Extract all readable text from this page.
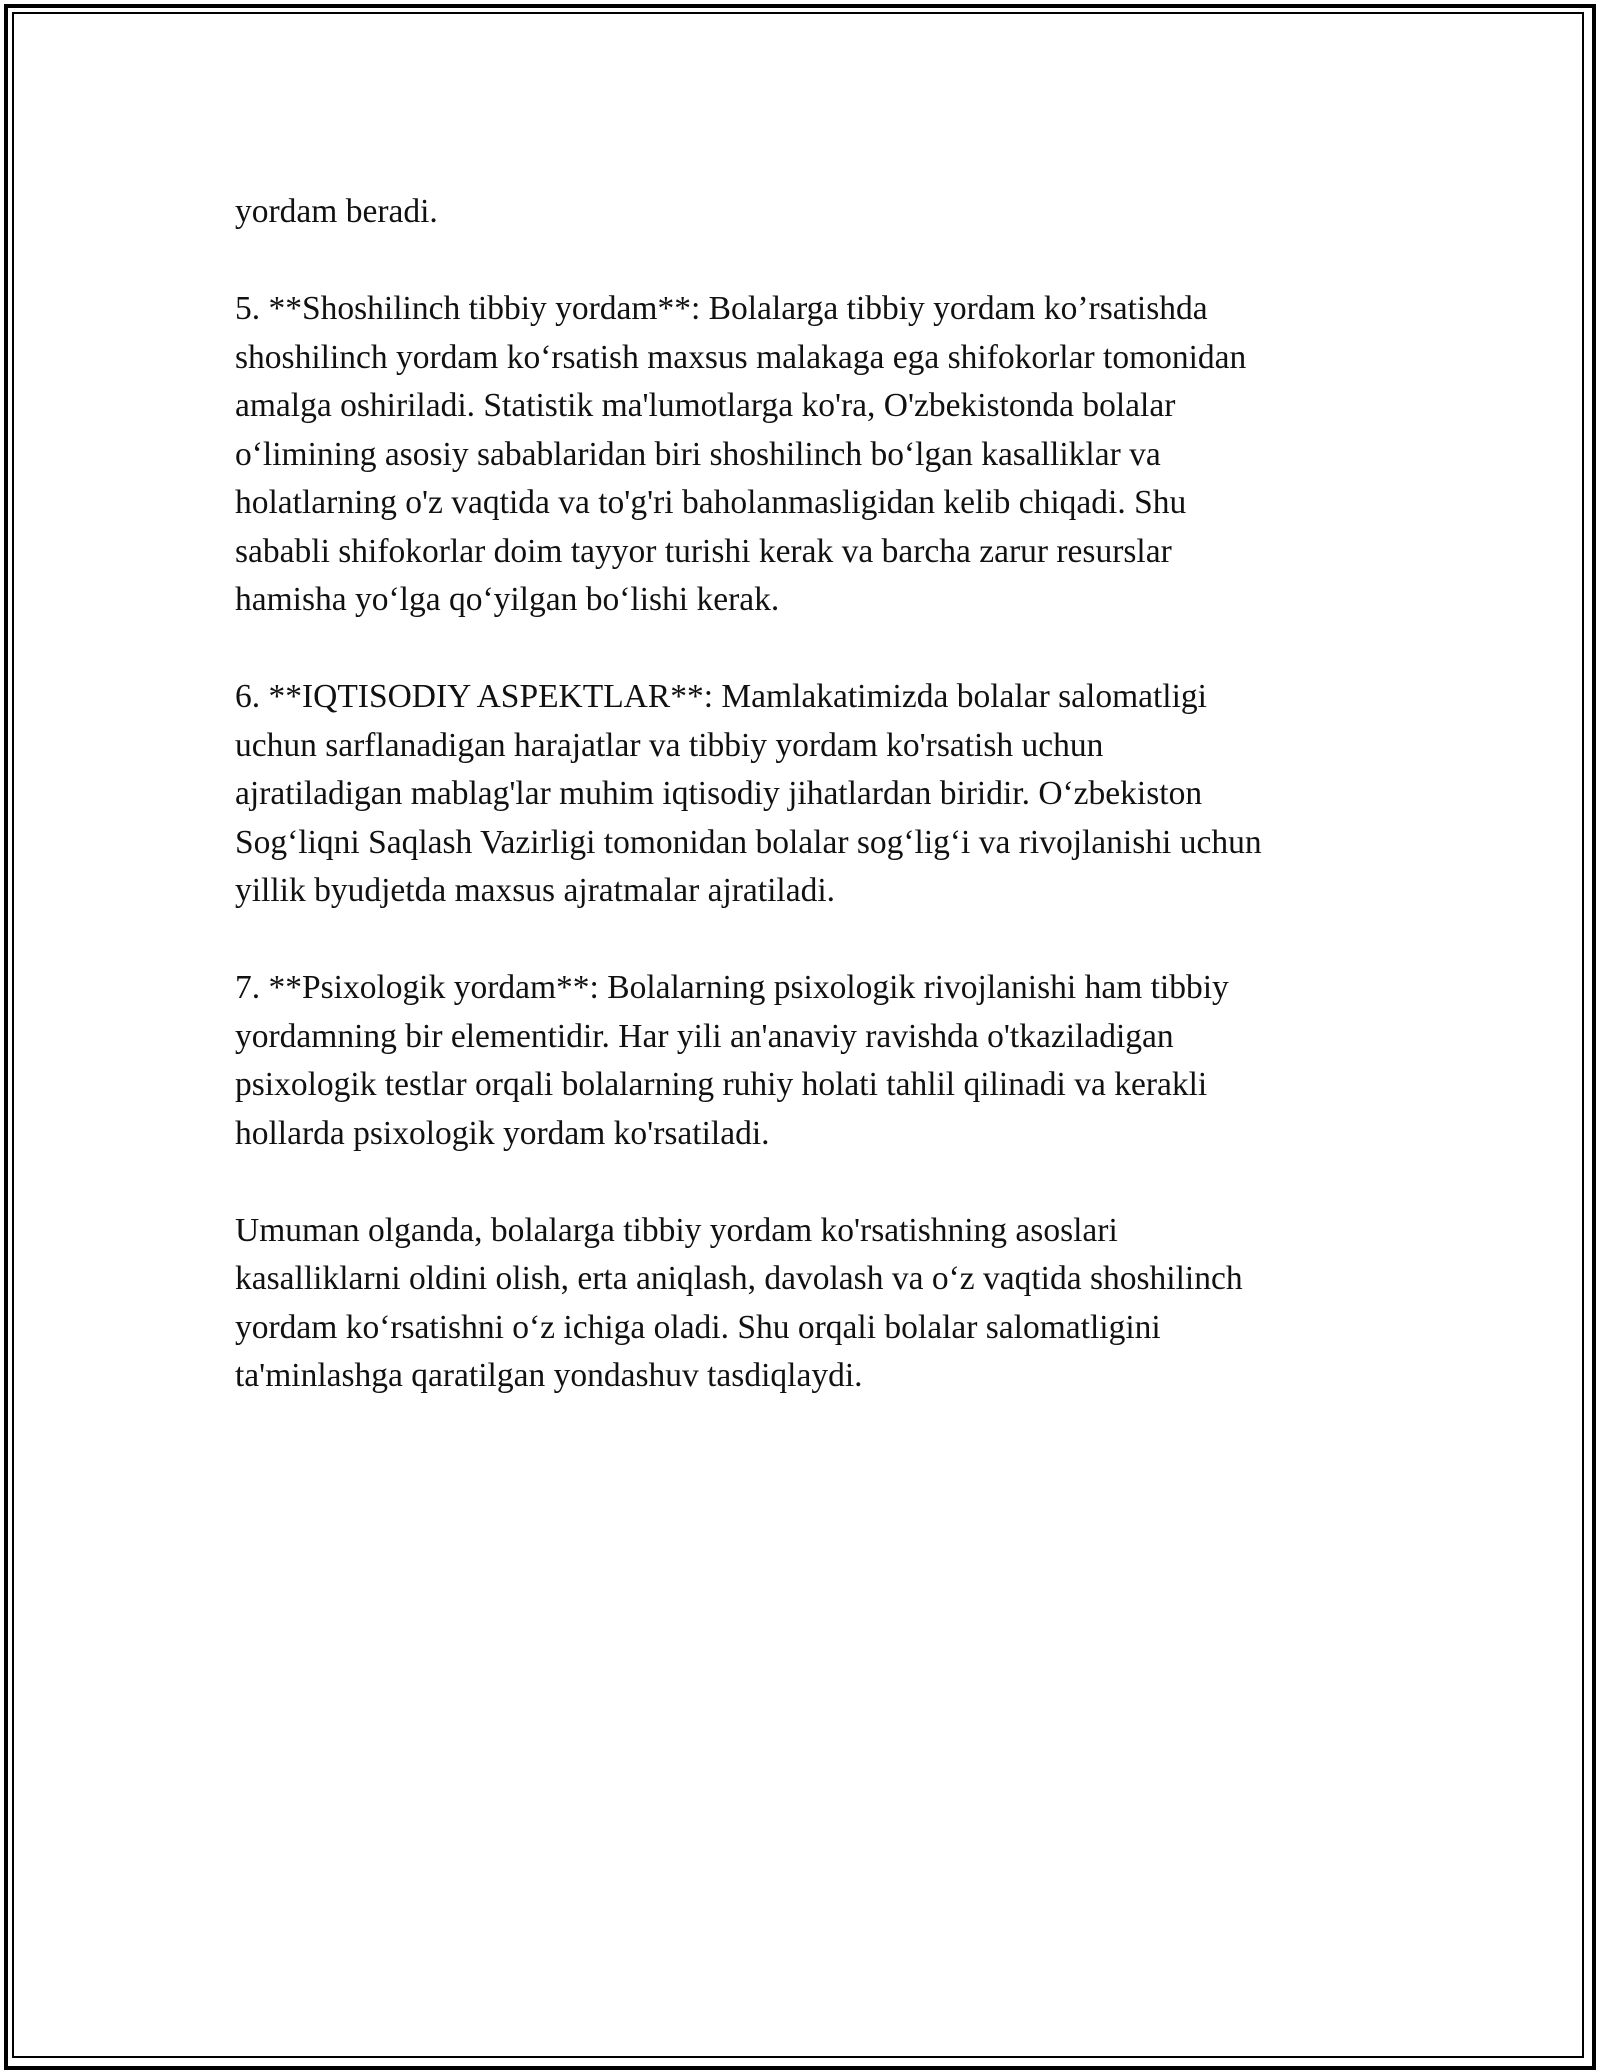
yordam beradi.

5. **Shoshilinch tibbiy yordam**: Bolalarga tibbiy yordam ko’rsatishda
shoshilinch yordam ko‘rsatish maxsus malakaga ega shifokorlar tomonidan
amalga oshiriladi. Statistik ma'lumotlarga ko'ra, O'zbekistonda bolalar
o‘limining asosiy sabablaridan biri shoshilinch bo‘lgan kasalliklar va
holatlarning o'z vaqtida va to'g'ri baholanmasligidan kelib chiqadi. Shu
sababli shifokorlar doim tayyor turishi kerak va barcha zarur resurslar
hamisha yo‘lga qo‘yilgan bo‘lishi kerak.

6. **IQTISODIY ASPEKTLAR**: Mamlakatimizda bolalar salomatligi
uchun sarflanadigan harajatlar va tibbiy yordam ko'rsatish uchun
ajratiladigan mablag'lar muhim iqtisodiy jihatlardan biridir. O‘zbekiston
Sog‘liqni Saqlash Vazirligi tomonidan bolalar sog‘lig‘i va rivojlanishi uchun
yillik byudjetda maxsus ajratmalar ajratiladi.

7. **Psixologik yordam**: Bolalarning psixologik rivojlanishi ham tibbiy
yordamning bir elementidir. Har yili an'anaviy ravishda o'tkaziladigan
psixologik testlar orqali bolalarning ruhiy holati tahlil qilinadi va kerakli
hollarda psixologik yordam ko'rsatiladi.

Umuman olganda, bolalarga tibbiy yordam ko'rsatishning asoslari
kasalliklarni oldini olish, erta aniqlash, davolash va o‘z vaqtida shoshilinch
yordam ko‘rsatishni o‘z ichiga oladi. Shu orqali bolalar salomatligini
ta'minlashga qaratilgan yondashuv tasdiqlaydi.
